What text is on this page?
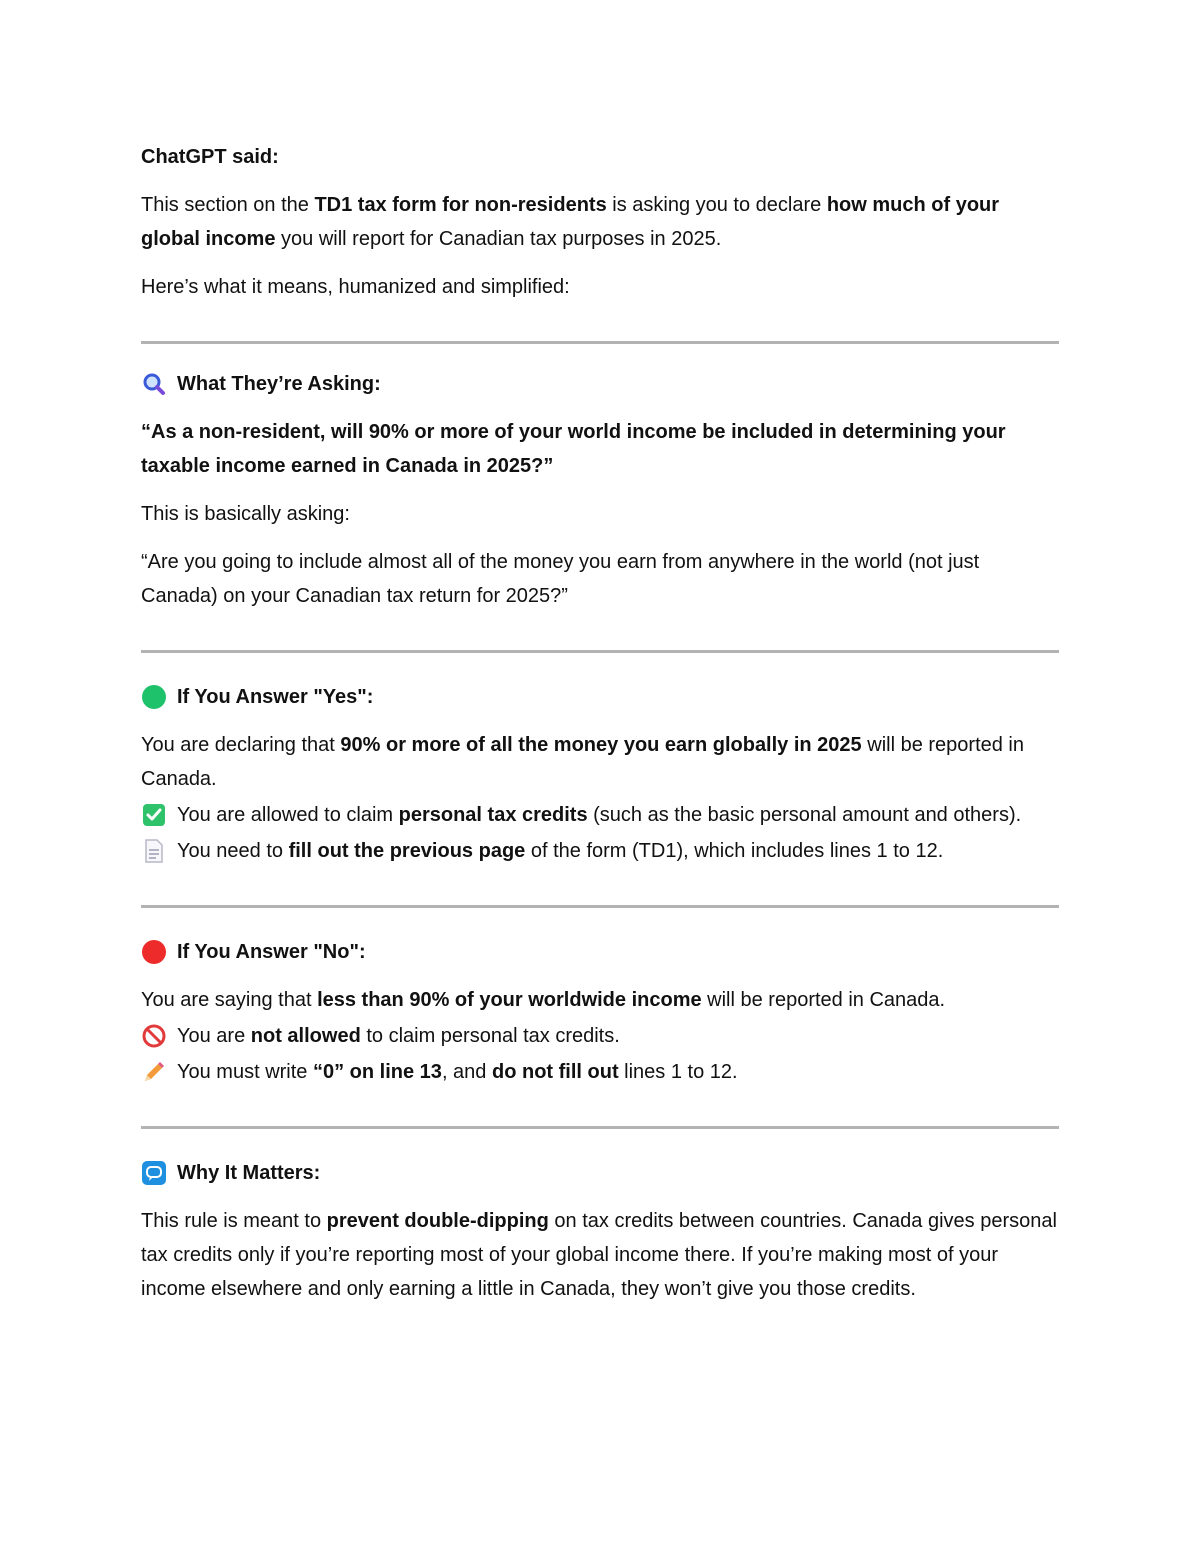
ChatGPT said:

This section on the TD1 tax form for non-residents is asking you to declare how much of your global income you will report for Canadian tax purposes in 2025.

Here’s what it means, humanized and simplified:

What They’re Asking:

“As a non-resident, will 90% or more of your world income be included in determining your taxable income earned in Canada in 2025?”

This is basically asking:

“Are you going to include almost all of the money you earn from anywhere in the world (not just Canada) on your Canadian tax return for 2025?”

If You Answer "Yes":

You are declaring that 90% or more of all the money you earn globally in 2025 will be reported in Canada.

You are allowed to claim personal tax credits (such as the basic personal amount and others).

You need to fill out the previous page of the form (TD1), which includes lines 1 to 12.

If You Answer "No":

You are saying that less than 90% of your worldwide income will be reported in Canada.

You are not allowed to claim personal tax credits.

You must write “0” on line 13, and do not fill out lines 1 to 12.

Why It Matters:

This rule is meant to prevent double-dipping on tax credits between countries. Canada gives personal tax credits only if you’re reporting most of your global income there. If you’re making most of your income elsewhere and only earning a little in Canada, they won’t give you those credits.
